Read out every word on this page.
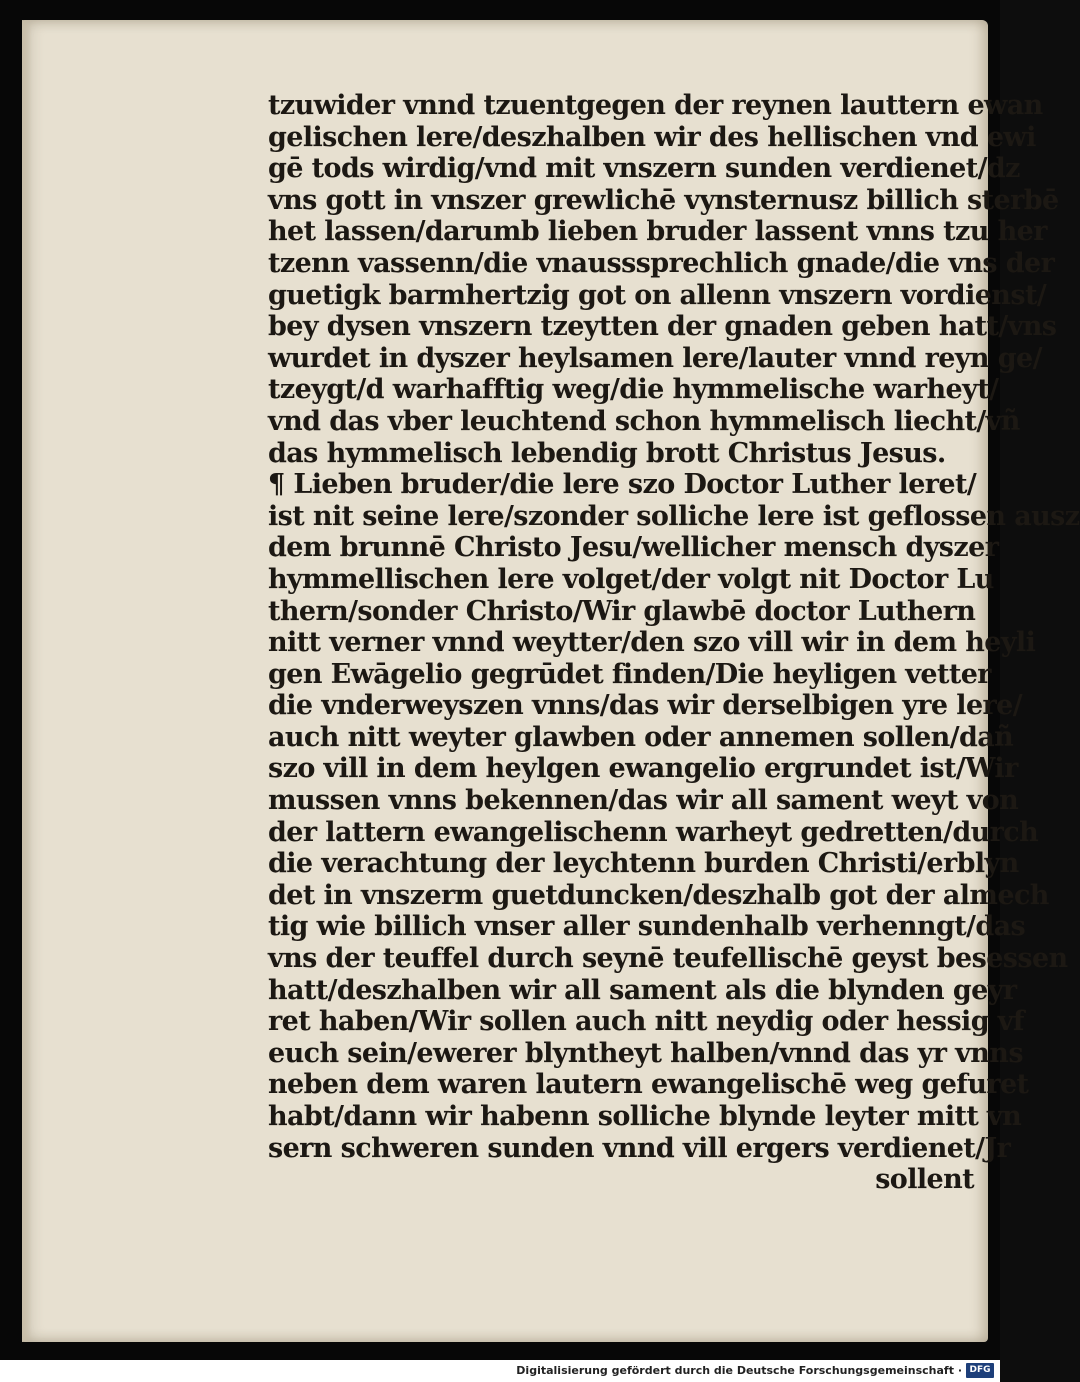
tzuwider vnnd tzuentgegen der reynen lauttern ewan
gelischen lere/deszhalben wir des hellischen vnd ewi
gē tods wirdig/vnd mit vnszern sunden verdienet/dz
vns gott in vnszer grewlichē vynsternusz billich sterbē
het lassen/darumb lieben bruder lassent vnns tzu her
tzenn vassenn/die vnausssprechlich gnade/die vns der
guetigk barmhertzig got on allenn vnszern vordienst/
bey dysen vnszern tzeytten der gnaden geben hatt/vns
wurdet in dyszer heylsamen lere/lauter vnnd reyn ge/
tzeygt/d warhafftig weg/die hymmelische warheyt/
vnd das vber leuchtend schon hymmelisch liecht/vñ
das hymmelisch lebendig brott Christus Jesus.
¶ Lieben bruder/die lere szo Doctor Luther leret/
ist nit seine lere/szonder solliche lere ist geflossen ausz
dem brunnē Christo Jesu/wellicher mensch dyszer
hymmellischen lere volget/der volgt nit Doctor Lu
thern/sonder Christo/Wir glawbē doctor Luthern
nitt verner vnnd weytter/den szo vill wir in dem heyli
gen Ewāgelio gegrūdet finden/Die heyligen vetter
die vnderweyszen vnns/das wir derselbigen yre lere/
auch nitt weyter glawben oder annemen sollen/dañ
szo vill in dem heylgen ewangelio ergrundet ist/Wir
mussen vnns bekennen/das wir all sament weyt von
der lattern ewangelischenn warheyt gedretten/durch
die verachtung der leychtenn burden Christi/erblyn
det in vnszerm guetduncken/deszhalb got der almech
tig wie billich vnser aller sundenhalb verhenngt/das
vns der teuffel durch seynē teufellischē geyst besessen
hatt/deszhalben wir all sament als die blynden geyr
ret haben/Wir sollen auch nitt neydig oder hessig vf
euch sein/ewerer blyntheyt halben/vnnd das yr vnns
neben dem waren lautern ewangelischē weg gefuret
habt/dann wir habenn solliche blynde leyter mitt vn
sern schweren sunden vnnd vill ergers verdienet/Jr
sollent
Digitalisierung gefördert durch die Deutsche Forschungsgemeinschaft · DFG
